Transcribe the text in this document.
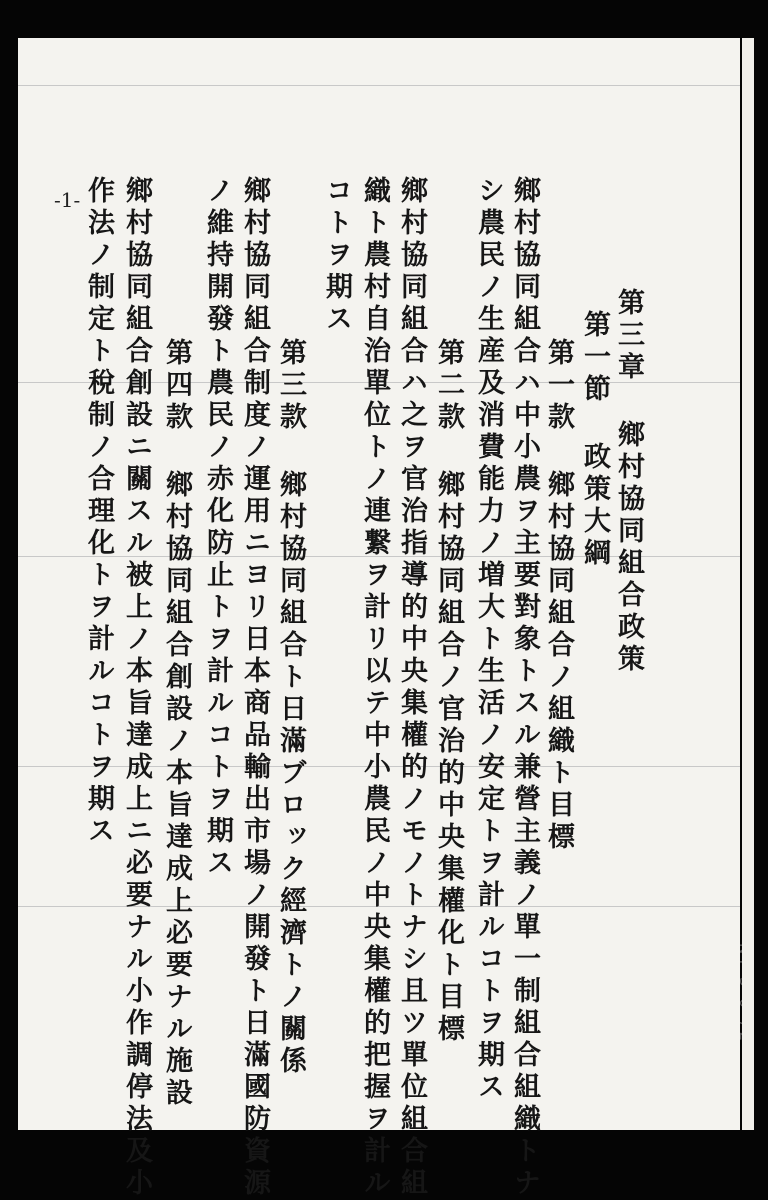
-1-
第三章 鄉村協同組合政策
第一節 政策大綱
第一款 鄉村協同組合ノ組織ト目標
鄉村協同組合ハ中小農ヲ主要對象トスル兼營主義ノ單一制組合組織トナ
シ農民ノ生産及消費能力ノ増大ト生活ノ安定トヲ計ルコトヲ期ス
第二款 鄉村協同組合ノ官治的中央集權化ト目標
鄉村協同組合ハ之ヲ官治指導的中央集權的ノモノトナシ且ツ單位組合組
織ト農村自治單位トノ連繋ヲ計リ以テ中小農民ノ中央集權的把握ヲ計ル
コトヲ期ス
第三款 鄉村協同組合ト日滿ブロック經濟トノ關係
鄉村協同組合制度ノ運用ニヨリ日本商品輸出市場ノ開發ト日滿國防資源
ノ維持開發ト農民ノ赤化防止トヲ計ルコトヲ期ス
第四款 鄉村協同組合創設ノ本旨達成上必要ナル施設
鄉村協同組合創設ニ關スル被上ノ本旨達成上ニ必要ナル小作調停法及小
作法ノ制定ト稅制ノ合理化トヲ計ルコトヲ期ス
